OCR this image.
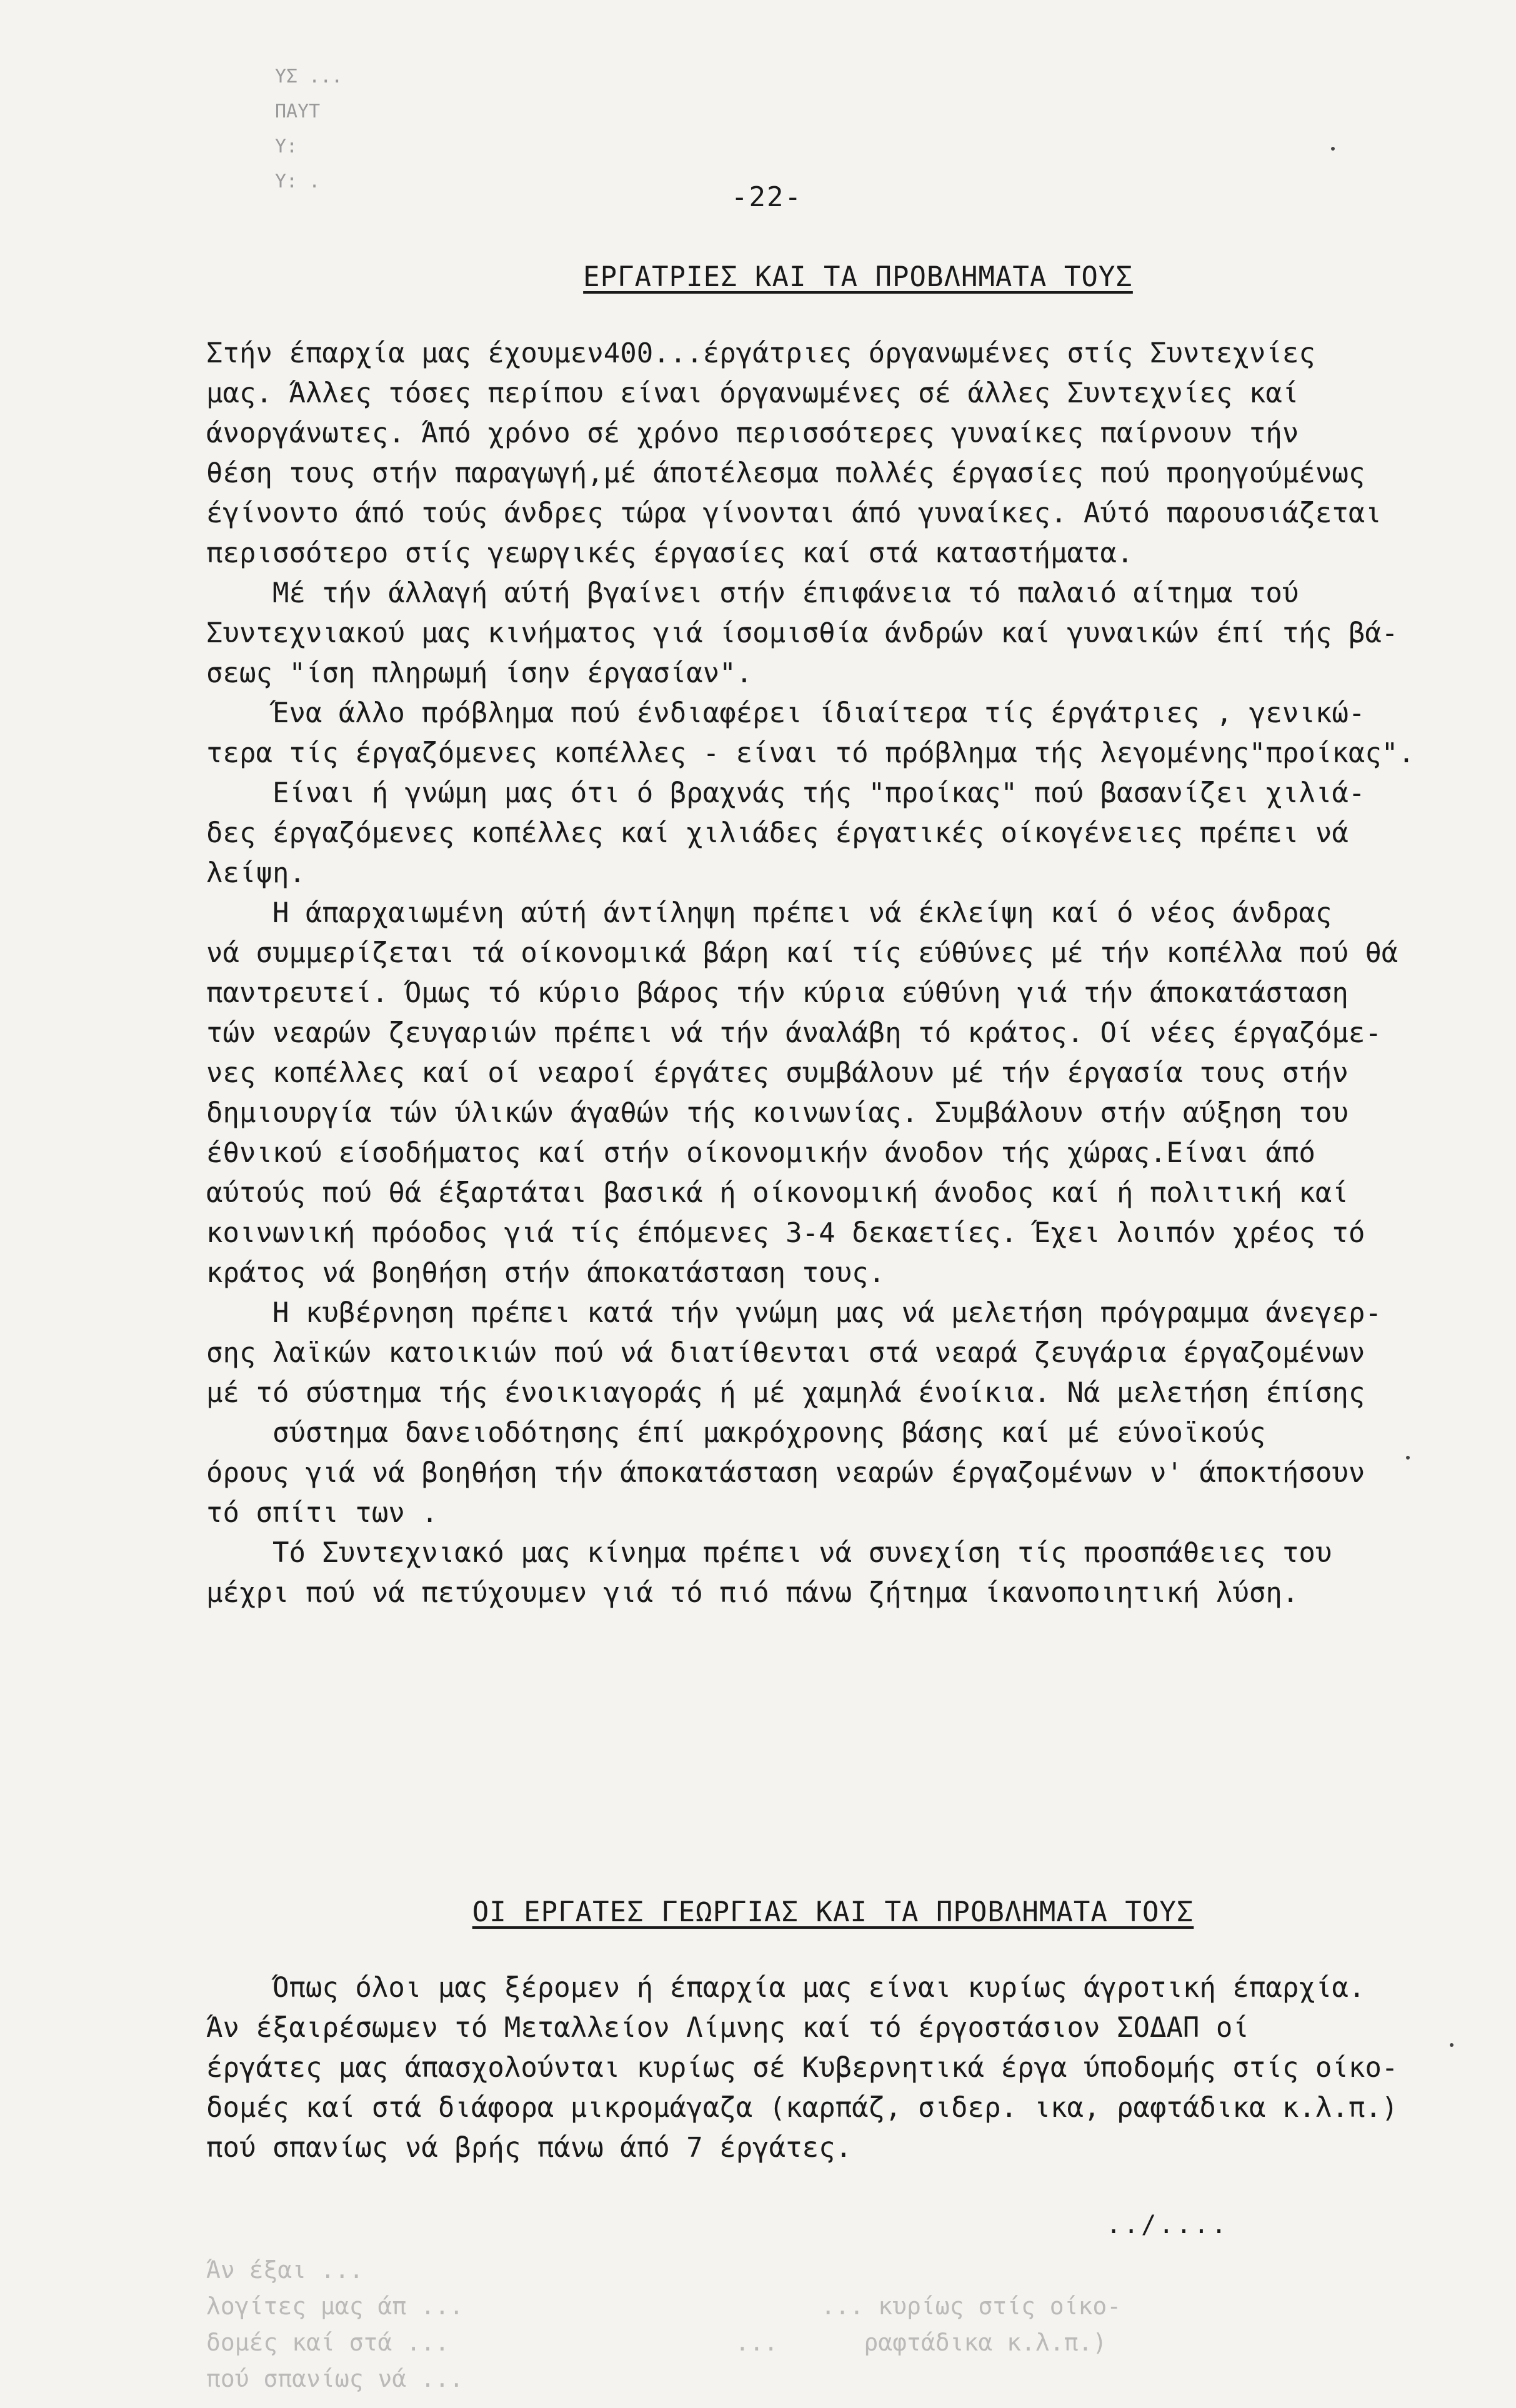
ΥΣ ...
ΠΑΥΤ
Υ:
Υ: .	-22-
ΕΡΓΑΤΡΙΕΣ ΚΑΙ ΤΑ ΠΡΟΒΛΗΜΑΤΑ ΤΟΥΣ
Στήν έπαρχία μας έχουμεν400...έργάτριες όργανωμένες στίς Συντεχνίες
μας. Άλλες τόσες περίπου είναι όργανωμένες σέ άλλες Συντεχνίες καί
άνοργάνωτες. Άπό χρόνο σέ χρόνο περισσότερες γυναίκες παίρνουν τήν
θέση τους στήν παραγωγή,μέ άποτέλεσμα πολλές έργασίες πού προηγούμένως
έγίνοντο άπό τούς άνδρες τώρα γίνονται άπό γυναίκες. Αύτό παρουσιάζεται
περισσότερο στίς γεωργικές έργασίες καί στά καταστήματα.
Μέ τήν άλλαγή αύτή βγαίνει στήν έπιφάνεια τό παλαιό αίτημα τού
Συντεχνιακού μας κινήματος γιά ίσομισθία άνδρών καί γυναικών έπί τής βά-
σεως "ίση πληρωμή ίσην έργασίαν".
Ένα άλλο πρόβλημα πού ένδιαφέρει ίδιαίτερα τίς έργάτριες , γενικώ-
τερα τίς έργαζόμενες κοπέλλες - είναι τό πρόβλημα τής λεγομένης"προίκας".
Είναι ή γνώμη μας ότι ό βραχνάς τής "προίκας" πού βασανίζει χιλιά-
δες έργαζόμενες κοπέλλες καί χιλιάδες έργατικές οίκογένειες πρέπει νά
λείψη.
Η άπαρχαιωμένη αύτή άντίληψη πρέπει νά έκλείψη καί ό νέος άνδρας
νά συμμερίζεται τά οίκονομικά βάρη καί τίς εύθύνες μέ τήν κοπέλλα πού θά
παντρευτεί. Όμως τό κύριο βάρος τήν κύρια εύθύνη γιά τήν άποκατάσταση
τών νεαρών ζευγαριών πρέπει νά τήν άναλάβη τό κράτος. Οί νέες έργαζόμε-
νες κοπέλλες καί οί νεαροί έργάτες συμβάλουν μέ τήν έργασία τους στήν
δημιουργία τών ύλικών άγαθών τής κοινωνίας. Συμβάλουν στήν αύξηση του
έθνικού είσοδήματος καί στήν οίκονομικήν άνοδον τής χώρας.Είναι άπό
αύτούς πού θά έξαρτάται βασικά ή οίκονομική άνοδος καί ή πολιτική καί
κοινωνική πρόοδος γιά τίς έπόμενες 3-4 δεκαετίες. Έχει λοιπόν χρέος τό
κράτος νά βοηθήση στήν άποκατάσταση τους.
Η κυβέρνηση πρέπει κατά τήν γνώμη μας νά μελετήση πρόγραμμα άνεγερ-
σης λαϊκών κατοικιών πού νά διατίθενται στά νεαρά ζευγάρια έργαζομένων
μέ τό σύστημα τής ένοικιαγοράς ή μέ χαμηλά ένοίκια. Νά μελετήση έπίσης
σύστημα δανειοδότησης έπί μακρόχρονης βάσης καί μέ εύνοϊκούς
όρους γιά νά βοηθήση τήν άποκατάσταση νεαρών έργαζομένων ν' άποκτήσουν
τό σπίτι των .
Τό Συντεχνιακό μας κίνημα πρέπει νά συνεχίση τίς προσπάθειες του
μέχρι πού νά πετύχουμεν γιά τό πιό πάνω ζήτημα ίκανοποιητική λύση.
ΟΙ ΕΡΓΑΤΕΣ ΓΕΩΡΓΙΑΣ ΚΑΙ ΤΑ ΠΡΟΒΛΗΜΑΤΑ ΤΟΥΣ
Όπως όλοι μας ξέρομεν ή έπαρχία μας είναι κυρίως άγροτική έπαρχία.
Άν έξαιρέσωμεν τό Μεταλλείον Λίμνης καί τό έργοστάσιον ΣΟΔΑΠ οί
έργάτες μας άπασχολούνται κυρίως σέ Κυβερνητικά έργα ύποδομής στίς οίκο-
δομές καί στά διάφορα μικρομάγαζα (καρπάζ, σιδερ. ικα, ραφτάδικα κ.λ.π.)
πού σπανίως νά βρής πάνω άπό 7 έργάτες.
../....
Άν έξαι ...
λογίτες μας άπ ...                         ... κυρίως στίς οίκο-
δομές καί στά ...                    ...      ραφτάδικα κ.λ.π.)
πού σπανίως νά ...
